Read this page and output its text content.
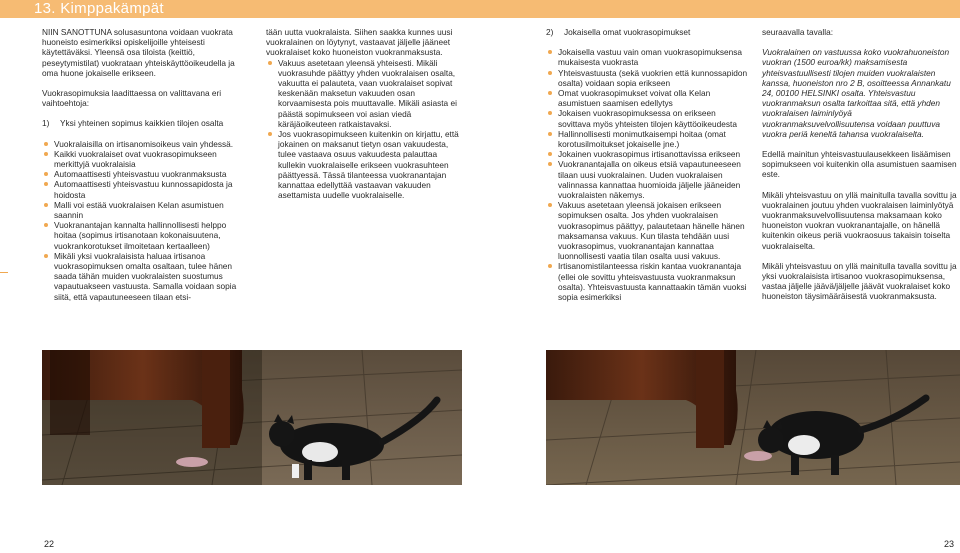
13. Kimppakämpät

NIIN SANOTTUNA solusasuntona voidaan vuokrata huoneisto esimerkiksi opiskelijoille yhteisesti käytettäväksi. Yleensä osa tiloista (keittiö, peseytymistilat) vuokrataan yhteiskäyttöoikeudella ja oma huone jokaiselle erikseen.

Vuokrasopimuksia laadittaessa on valittavana eri vaihtoehtoja:

1)	Yksi yhteinen sopimus kaikkien tilojen osalta
Vuokralaisilla on irtisanomisoikeus vain yhdessä.
Kaikki vuokralaiset ovat vuokrasopimukseen merkittyjä vuokralaisia
Automaattisesti yhteisvastuu vuokranmaksusta
Automaattisesti yhteisvastuu kunnossapidosta ja hoidosta
Malli voi estää vuokralaisen Kelan asumistuen saannin
Vuokranantajan kannalta hallinnollisesti helppo hoitaa (sopimus irtisanotaan kokonaisuutena, vuokrankorotukset ilmoitetaan kertaalleen)
Mikäli yksi vuokralaisista haluaa irtisanoa vuokrasopimuksen omalta osaltaan, tulee hänen saada tähän muiden vuokralaisten suostumus vapautuakseen vastuusta. Samalla voidaan sopia siitä, että vapautuneeseen tilaan etsi-

tään uutta vuokralaista. Siihen saakka kunnes uusi vuokralainen on löytynyt, vastaavat jäljelle jääneet vuokralaiset koko huoneiston vuokranmaksusta.

Vakuus asetetaan yleensä yhteisesti. Mikäli vuokrasuhde päättyy yhden vuokralaisen osalta, vakuutta ei palauteta, vaan vuokralaiset sopivat keskenään maksetun vakuuden osan korvaamisesta pois muuttavalle. Mikäli asiasta ei päästä sopimukseen voi asian viedä käräjäoikeuteen ratkaistavaksi.
Jos vuokrasopimukseen kuitenkin on kirjattu, että jokainen on maksanut tietyn osan vakuudesta, tulee vastaava osuus vakuudesta palauttaa kullekin vuokralaiselle erikseen vuokrasuhteen päättyessä. Tässä tilanteessa vuokranantajan kannattaa edellyttää vastaavan vakuuden asettamista uudelle vuokralaiselle.
2)	Jokaisella omat vuokrasopimukset
Jokaisella vastuu vain oman vuokrasopimuksensa mukaisesta vuokrasta
Yhteisvastuusta (sekä vuokrien että kunnossapidon osalta) voidaan sopia erikseen
Omat vuokrasopimukset voivat olla Kelan asumistuen saamisen edellytys
Jokaisen vuokrasopimuksessa on erikseen sovittava myös yhteisten tilojen käyttöoikeudesta
Hallinnollisesti monimutkaisempi hoitaa (omat korotusilmoitukset jokaiselle jne.)
Jokainen vuokrasopimus irtisanottavissa erikseen
Vuokranantajalla on oikeus etsiä vapautuneeseen tilaan uusi vuokralainen. Uuden vuokralaisen valinnassa kannattaa huomioida jäljelle jääneiden vuokralaisten näkemys.
Vakuus asetetaan yleensä jokaisen erikseen sopimuksen osalta. Jos yhden vuokralaisen vuokrasopimus päättyy, palautetaan hänelle hänen maksamansa vakuus. Kun tilasta tehdään uusi vuokrasopimus, vuokranantajan kannattaa luonnollisesti vaatia tilan osalta uusi vakuus.
Irtisanomistilanteessa riskin kantaa vuokranantaja (ellei ole sovittu yhteisvastuusta vuokranmaksun osalta). Yhteisvastuusta kannattaakin tämän vuoksi sopia esimerkiksi

seuraavalla tavalla:

Vuokralainen on vastuussa koko vuokrahuoneiston vuokran (1500 euroa/kk) maksamisesta yhteisvastuullisesti tilojen muiden vuokralaisten kanssa, huoneiston nro 2 B, osoitteessa Annankatu 24, 00100 HELSINKI osalta. Yhteisvastuu vuokranmaksun osalta tarkoittaa sitä, että yhden vuokralaisen laiminlyöyä vuokranmaksuvelvollisuutensa voidaan puuttuva vuokra periä keneltä tahansa vuokralaiselta.

Edellä mainitun yhteisvastuulausekkeen lisäämisen sopimukseen voi kuitenkin olla asumistuen saamisen este.

Mikäli yhteisvastuu on yllä mainitulla tavalla sovittu ja vuokralainen joutuu yhden vuokralaisen laiminlyötyä vuokranmaksuvelvollisuutensa maksamaan koko huoneiston vuokran vuokranantajalle, on hänellä kuitenkin oikeus periä vuokraosuus takaisin toiselta vuokralaiselta.

Mikäli yhteisvastuu on yllä mainitulla tavalla sovittu ja yksi vuokralaisista irtisanoo vuokrasopimuksensa, vastaa jäljelle jäävä/jäljelle jäävät vuokralaiset koko huoneiston täysimääräisestä vuokranmaksusta.

22	23
